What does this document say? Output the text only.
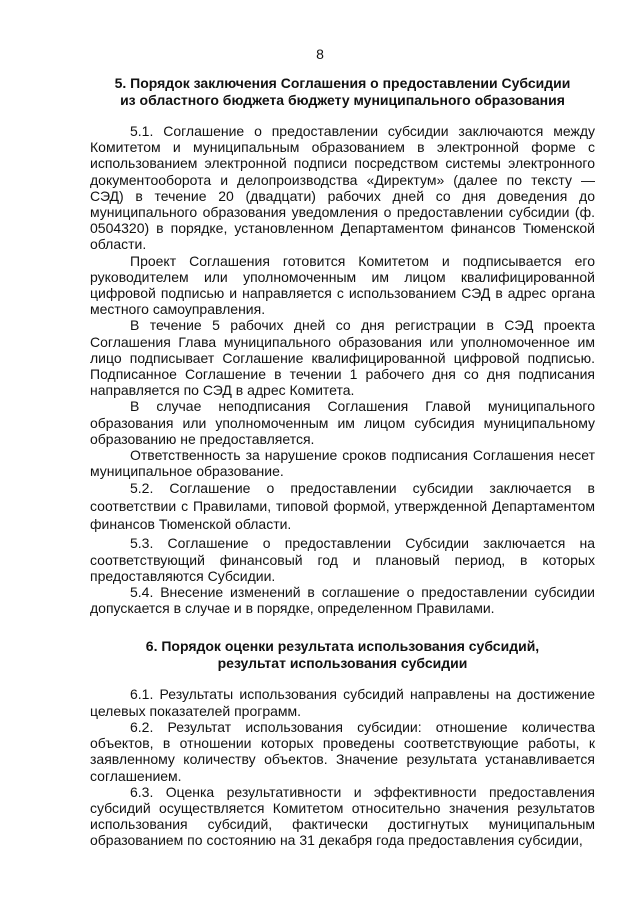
8

5. Порядок заключения Соглашения о предоставлении Субсидии
из областного бюджета бюджету муниципального образования

5.1. Соглашение о предоставлении субсидии заключаются между Комитетом и муниципальным образованием в электронной форме с использованием электронной подписи посредством системы электронного документооборота и делопроизводства «Директум» (далее по тексту — СЭД) в течение 20 (двадцати) рабочих дней со дня доведения до муниципального образования уведомления о предоставлении субсидии (ф. 0504320) в порядке, установленном Департаментом финансов Тюменской области.

Проект Соглашения готовится Комитетом и подписывается его руководителем или уполномоченным им лицом квалифицированной цифровой подписью и направляется с использованием СЭД в адрес органа местного самоуправления.

В течение 5 рабочих дней со дня регистрации в СЭД проекта Соглашения Глава муниципального образования или уполномоченное им лицо подписывает Соглашение квалифицированной цифровой подписью. Подписанное Соглашение в течении 1 рабочего дня со дня подписания направляется по СЭД в адрес Комитета.

В случае неподписания Соглашения Главой муниципального образования или уполномоченным им лицом субсидия муниципальному образованию не предоставляется.

Ответственность за нарушение сроков подписания Соглашения несет муниципальное образование.

5.2. Соглашение о предоставлении субсидии заключается в соответствии с Правилами, типовой формой, утвержденной Департаментом финансов Тюменской области.

5.3. Соглашение о предоставлении Субсидии заключается на соответствующий финансовый год и плановый период, в которых предоставляются Субсидии.

5.4. Внесение изменений в соглашение о предоставлении субсидии допускается в случае и в порядке, определенном Правилами.

6. Порядок оценки результата использования субсидий,
результат использования субсидии

6.1. Результаты использования субсидий направлены на достижение целевых показателей программ.

6.2. Результат использования субсидии: отношение количества объектов, в отношении которых проведены соответствующие работы, к заявленному количеству объектов. Значение результата устанавливается соглашением.

6.3. Оценка результативности и эффективности предоставления субсидий осуществляется Комитетом относительно значения результатов использования субсидий, фактически достигнутых муниципальным образованием по состоянию на 31 декабря года предоставления субсидии,
